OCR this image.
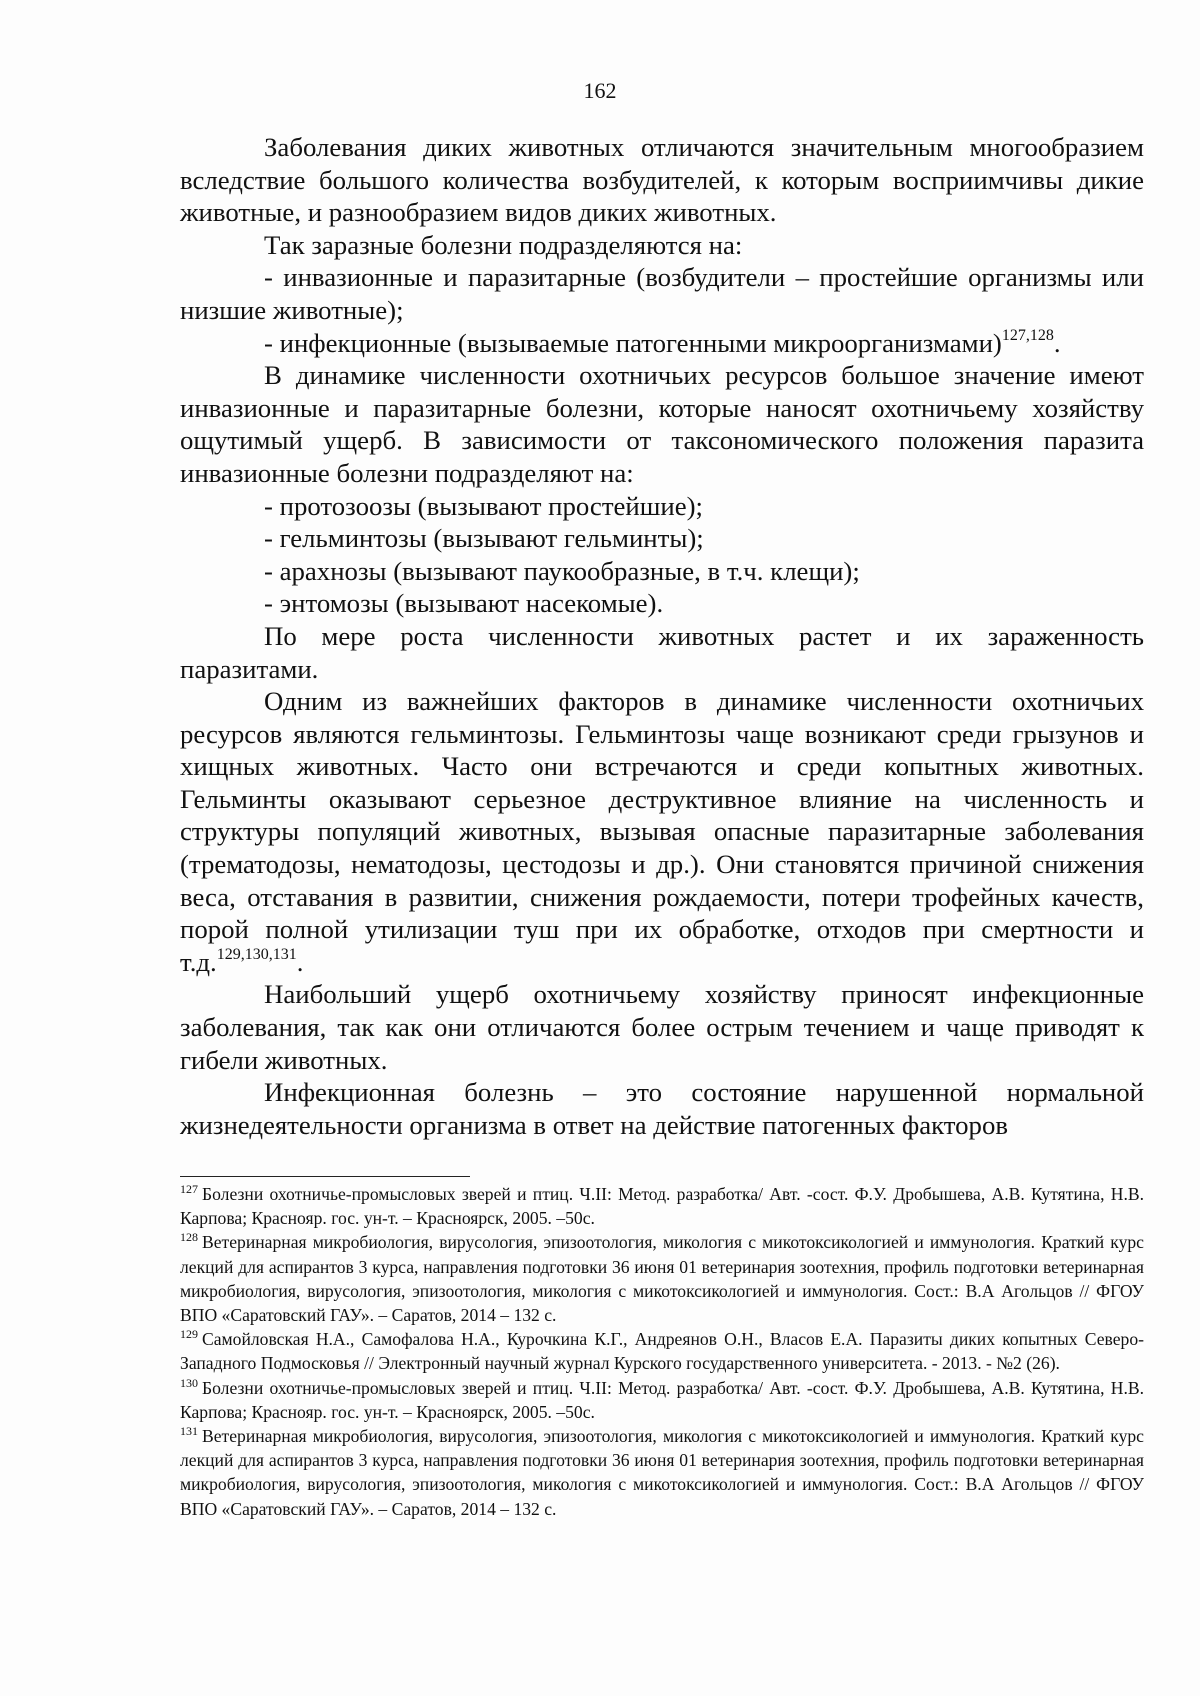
162

Заболевания диких животных отличаются значительным многообразием вследствие большого количества возбудителей, к которым восприимчивы дикие животные, и разнообразием видов диких животных.

Так заразные болезни подразделяются на:

- инвазионные и паразитарные (возбудители – простейшие организмы или низшие животные);

- инфекционные (вызываемые патогенными микроорганизмами)$^{127,128}$.

В динамике численности охотничьих ресурсов большое значение имеют инвазионные и паразитарные болезни, которые наносят охотничьему хозяйству ощутимый ущерб. В зависимости от таксономического положения паразита инвазионные болезни подразделяют на:

- протозоозы (вызывают простейшие);

- гельминтозы (вызывают гельминты);

- арахнозы (вызывают паукообразные, в т.ч. клещи);

- энтомозы (вызывают насекомые).

По мере роста численности животных растет и их зараженность паразитами.

Одним из важнейших факторов в динамике численности охотничьих ресурсов являются гельминтозы. Гельминтозы чаще возникают среди грызунов и хищных животных. Часто они встречаются и среди копытных животных. Гельминты оказывают серьезное деструктивное влияние на численность и структуры популяций животных, вызывая опасные паразитарные заболевания (трематодозы, нематодозы, цестодозы и др.). Они становятся причиной снижения веса, отставания в развитии, снижения рождаемости, потери трофейных качеств, порой полной утилизации туш при их обработке, отходов при смертности и т.д.$^{129,130,131}$.

Наибольший ущерб охотничьему хозяйству приносят инфекционные заболевания, так как они отличаются более острым течением и чаще приводят к гибели животных.

Инфекционная болезнь – это состояние нарушенной нормальной жизнедеятельности организма в ответ на действие патогенных факторов

$^{127}$ Болезни охотничье-промысловых зверей и птиц. Ч.II: Метод. разработка/ Авт. -сост. Ф.У. Дробышева, А.В. Кутятина, Н.В. Карпова; Краснояр. гос. ун-т. – Красноярск, 2005. –50с.

$^{128}$ Ветеринарная микробиология, вирусология, эпизоотология, микология с микотоксикологией и иммунология. Краткий курс лекций для аспирантов 3 курса, направления подготовки 36 июня 01 ветеринария зоотехния, профиль подготовки ветеринарная микробиология, вирусология, эпизоотология, микология с микотоксикологией и иммунология. Сост.: В.А Агольцов // ФГОУ ВПО «Саратовский ГАУ». – Саратов, 2014 – 132 с.

$^{129}$ Самойловская Н.А., Самофалова Н.А., Курочкина К.Г., Андреянов О.Н., Власов Е.А. Паразиты диких копытных Северо-Западного Подмосковья // Электронный научный журнал Курского государственного университета. - 2013. - №2 (26).

$^{130}$ Болезни охотничье-промысловых зверей и птиц. Ч.II: Метод. разработка/ Авт. -сост. Ф.У. Дробышева, А.В. Кутятина, Н.В. Карпова; Краснояр. гос. ун-т. – Красноярск, 2005. –50с.

$^{131}$ Ветеринарная микробиология, вирусология, эпизоотология, микология с микотоксикологией и иммунология. Краткий курс лекций для аспирантов 3 курса, направления подготовки 36 июня 01 ветеринария зоотехния, профиль подготовки ветеринарная микробиология, вирусология, эпизоотология, микология с микотоксикологией и иммунология. Сост.: В.А Агольцов // ФГОУ ВПО «Саратовский ГАУ». – Саратов, 2014 – 132 с.
